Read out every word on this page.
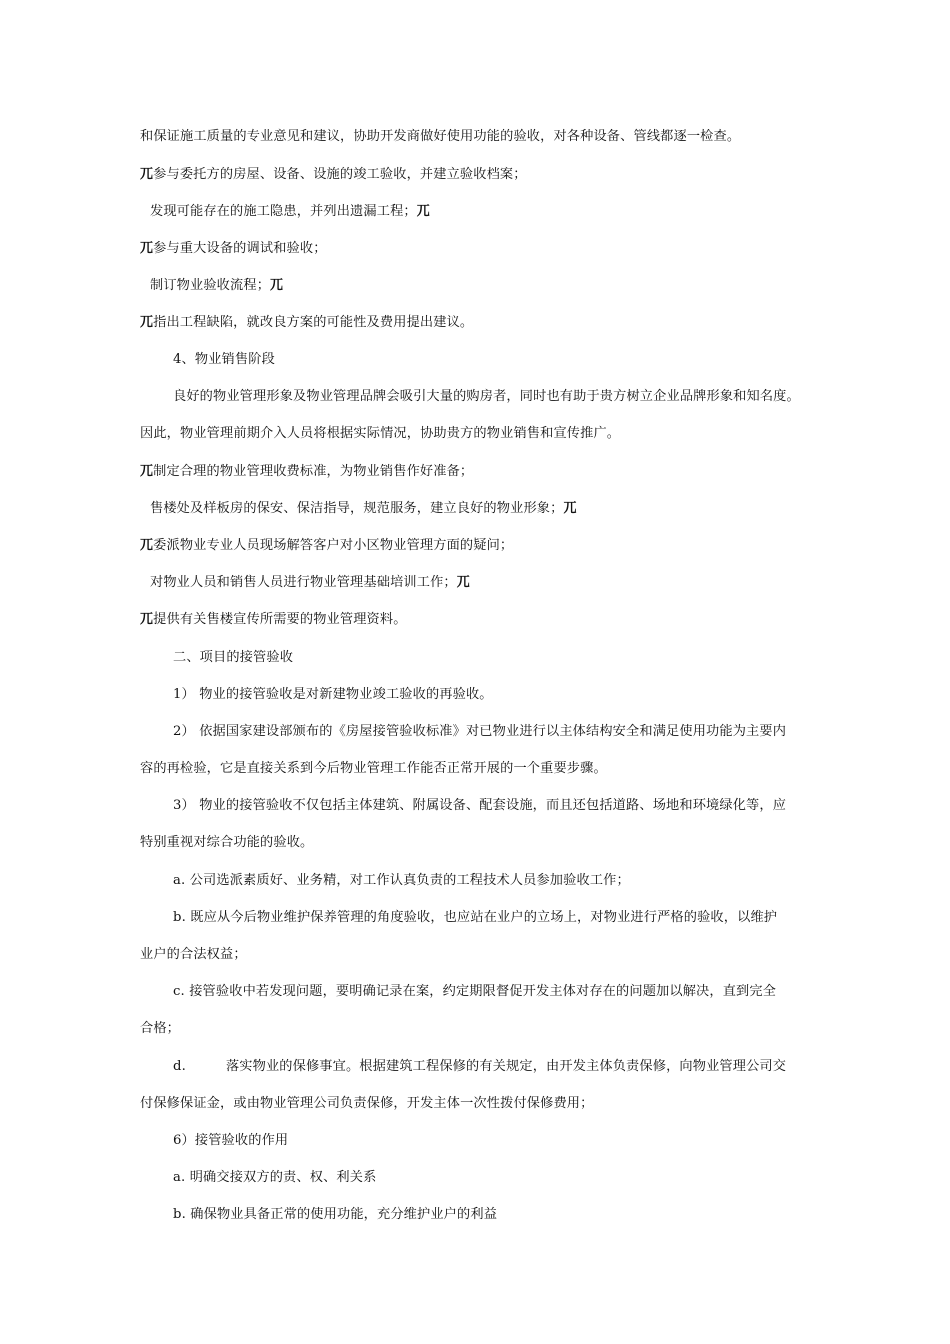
和保证施工质量的专业意见和建议，协助开发商做好使用功能的验收，对各种设备、管线都逐一检查。
兀参与委托方的房屋、设备、设施的竣工验收，并建立验收档案；
发现可能存在的施工隐患，并列出遗漏工程；兀
兀参与重大设备的调试和验收；
制订物业验收流程；兀
兀指出工程缺陷，就改良方案的可能性及费用提出建议。
4、物业销售阶段
良好的物业管理形象及物业管理品牌会吸引大量的购房者，同时也有助于贵方树立企业品牌形象和知名度。
因此，物业管理前期介入人员将根据实际情况，协助贵方的物业销售和宣传推广。
兀制定合理的物业管理收费标准，为物业销售作好准备；
售楼处及样板房的保安、保洁指导，规范服务，建立良好的物业形象；兀
兀委派物业专业人员现场解答客户对小区物业管理方面的疑问；
对物业人员和销售人员进行物业管理基础培训工作；兀
兀提供有关售楼宣传所需要的物业管理资料。
二、项目的接管验收
1） 物业的接管验收是对新建物业竣工验收的再验收。
2） 依据国家建设部颁布的《房屋接管验收标准》对已物业进行以主体结构安全和满足使用功能为主要内
容的再检验，它是直接关系到今后物业管理工作能否正常开展的一个重要步骤。
3） 物业的接管验收不仅包括主体建筑、附属设备、配套设施，而且还包括道路、场地和环境绿化等，应
特别重视对综合功能的验收。
a. 公司选派素质好、业务精，对工作认真负责的工程技术人员参加验收工作；
b. 既应从今后物业维护保养管理的角度验收，也应站在业户的立场上，对物业进行严格的验收，以维护
业户的合法权益；
c. 接管验收中若发现问题，要明确记录在案，约定期限督促开发主体对存在的问题加以解决，直到完全
合格；
d.	落实物业的保修事宜。根据建筑工程保修的有关规定，由开发主体负责保修，向物业管理公司交
付保修保证金，或由物业管理公司负责保修，开发主体一次性拨付保修费用；
6）接管验收的作用
a. 明确交接双方的责、权、利关系
b. 确保物业具备正常的使用功能，充分维护业户的利益
